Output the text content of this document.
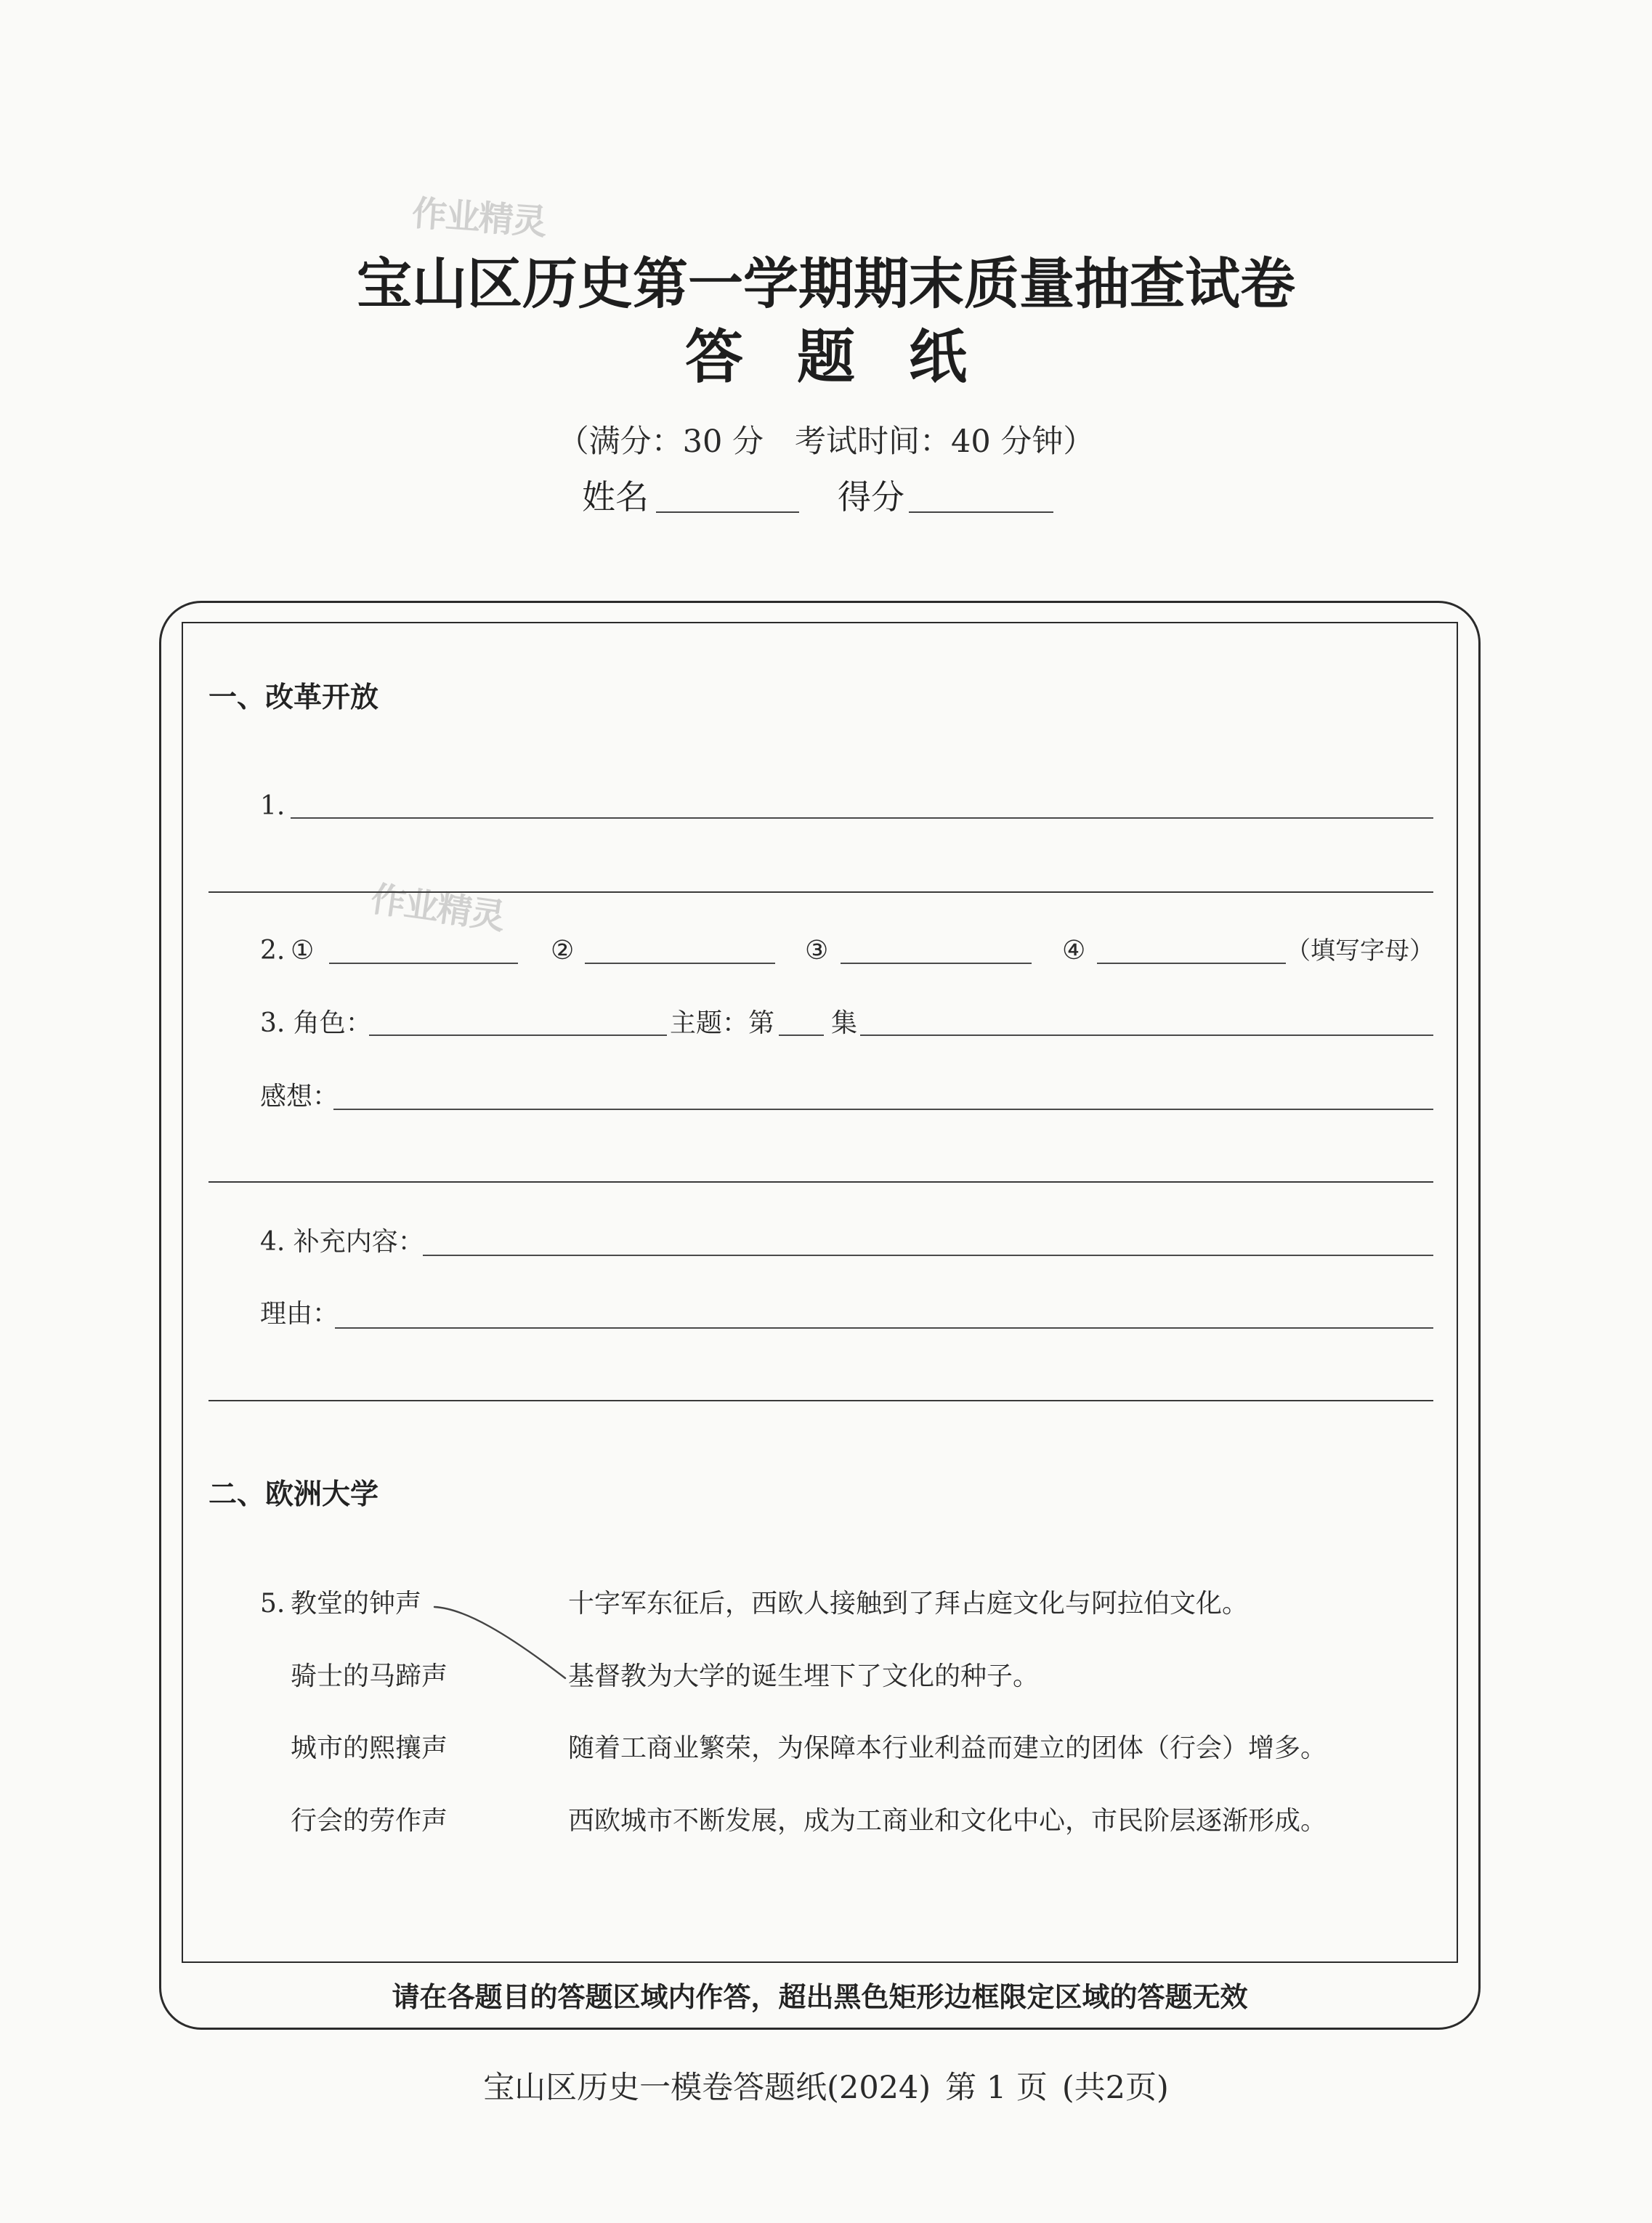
作业精灵
作业精灵
宝山区历史第一学期期末质量抽查试卷
答题纸
（满分：30 分　考试时间：40 分钟）
姓名	得分
一、改革开放
1.
2. ①	②	③	④	（填写字母）
3. 角色：	主题：第 集
感想：
4. 补充内容：
理由：
二、欧洲大学
5. 教堂的钟声	十字军东征后，西欧人接触到了拜占庭文化与阿拉伯文化。
骑士的马蹄声	基督教为大学的诞生埋下了文化的种子。
城市的熙攘声	随着工商业繁荣，为保障本行业利益而建立的团体（行会）增多。
行会的劳作声	西欧城市不断发展，成为工商业和文化中心，市民阶层逐渐形成。
请在各题目的答题区域内作答，超出黑色矩形边框限定区域的答题无效
宝山区历史一模卷答题纸(2024) 第 1 页 (共2页)
